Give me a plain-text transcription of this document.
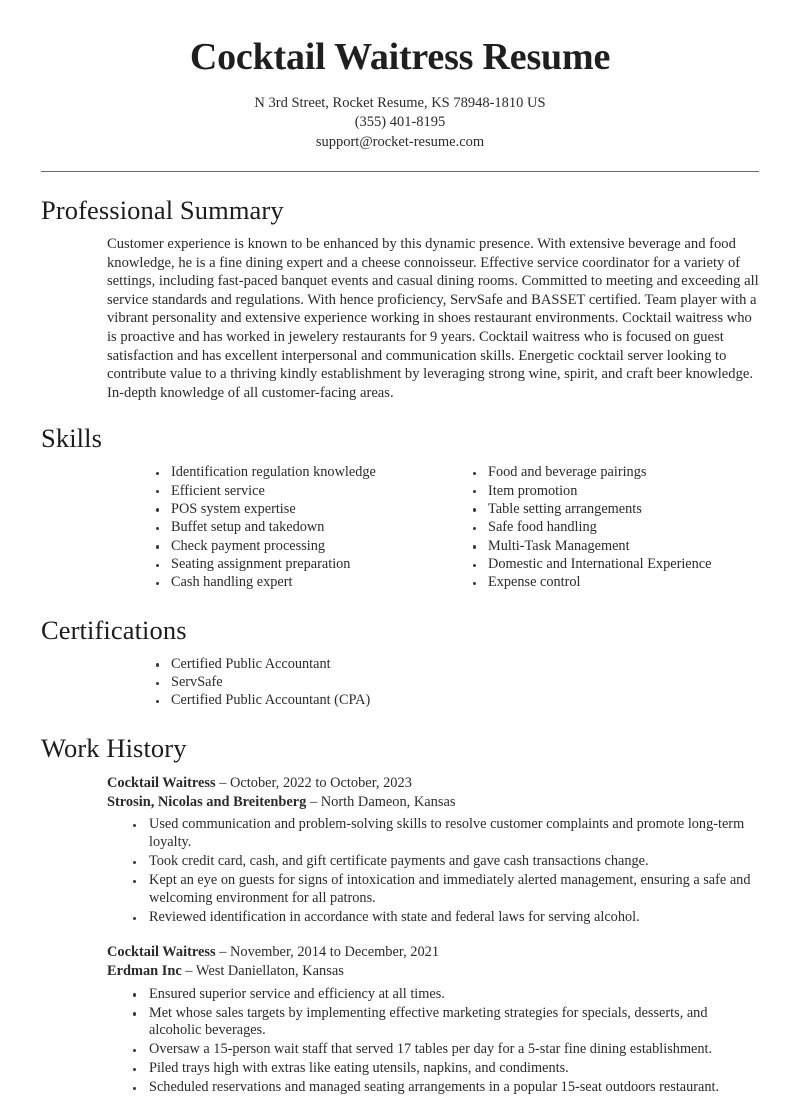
Cocktail Waitress Resume
N 3rd Street, Rocket Resume, KS 78948-1810 US
(355) 401-8195
support@rocket-resume.com
Professional Summary

Customer experience is known to be enhanced by this dynamic presence. With extensive beverage and food knowledge, he is a fine dining expert and a cheese connoisseur. Effective service coordinator for a variety of settings, including fast-paced banquet events and casual dining rooms. Committed to meeting and exceeding all service standards and regulations. With hence proficiency, ServSafe and BASSET certified. Team player with a vibrant personality and extensive experience working in shoes restaurant environments. Cocktail waitress who is proactive and has worked in jewelery restaurants for 9 years. Cocktail waitress who is focused on guest satisfaction and has excellent interpersonal and communication skills. Energetic cocktail server looking to contribute value to a thriving kindly establishment by leveraging strong wine, spirit, and craft beer knowledge. In-depth knowledge of all customer-facing areas.

Skills
Identification regulation knowledge
Efficient service
POS system expertise
Buffet setup and takedown
Check payment processing
Seating assignment preparation
Cash handling expert
Food and beverage pairings
Item promotion
Table setting arrangements
Safe food handling
Multi-Task Management
Domestic and International Experience
Expense control
Certifications
Certified Public Accountant
ServSafe
Certified Public Accountant (CPA)
Work History
Cocktail Waitress – October, 2022 to October, 2023
Strosin, Nicolas and Breitenberg – North Dameon, Kansas
Used communication and problem-solving skills to resolve customer complaints and promote long-term loyalty.
Took credit card, cash, and gift certificate payments and gave cash transactions change.
Kept an eye on guests for signs of intoxication and immediately alerted management, ensuring a safe and welcoming environment for all patrons.
Reviewed identification in accordance with state and federal laws for serving alcohol.
Cocktail Waitress – November, 2014 to December, 2021
Erdman Inc – West Daniellaton, Kansas
Ensured superior service and efficiency at all times.
Met whose sales targets by implementing effective marketing strategies for specials, desserts, and alcoholic beverages.
Oversaw a 15-person wait staff that served 17 tables per day for a 5-star fine dining establishment.
Piled trays high with extras like eating utensils, napkins, and condiments.
Scheduled reservations and managed seating arrangements in a popular 15-seat outdoors restaurant.
